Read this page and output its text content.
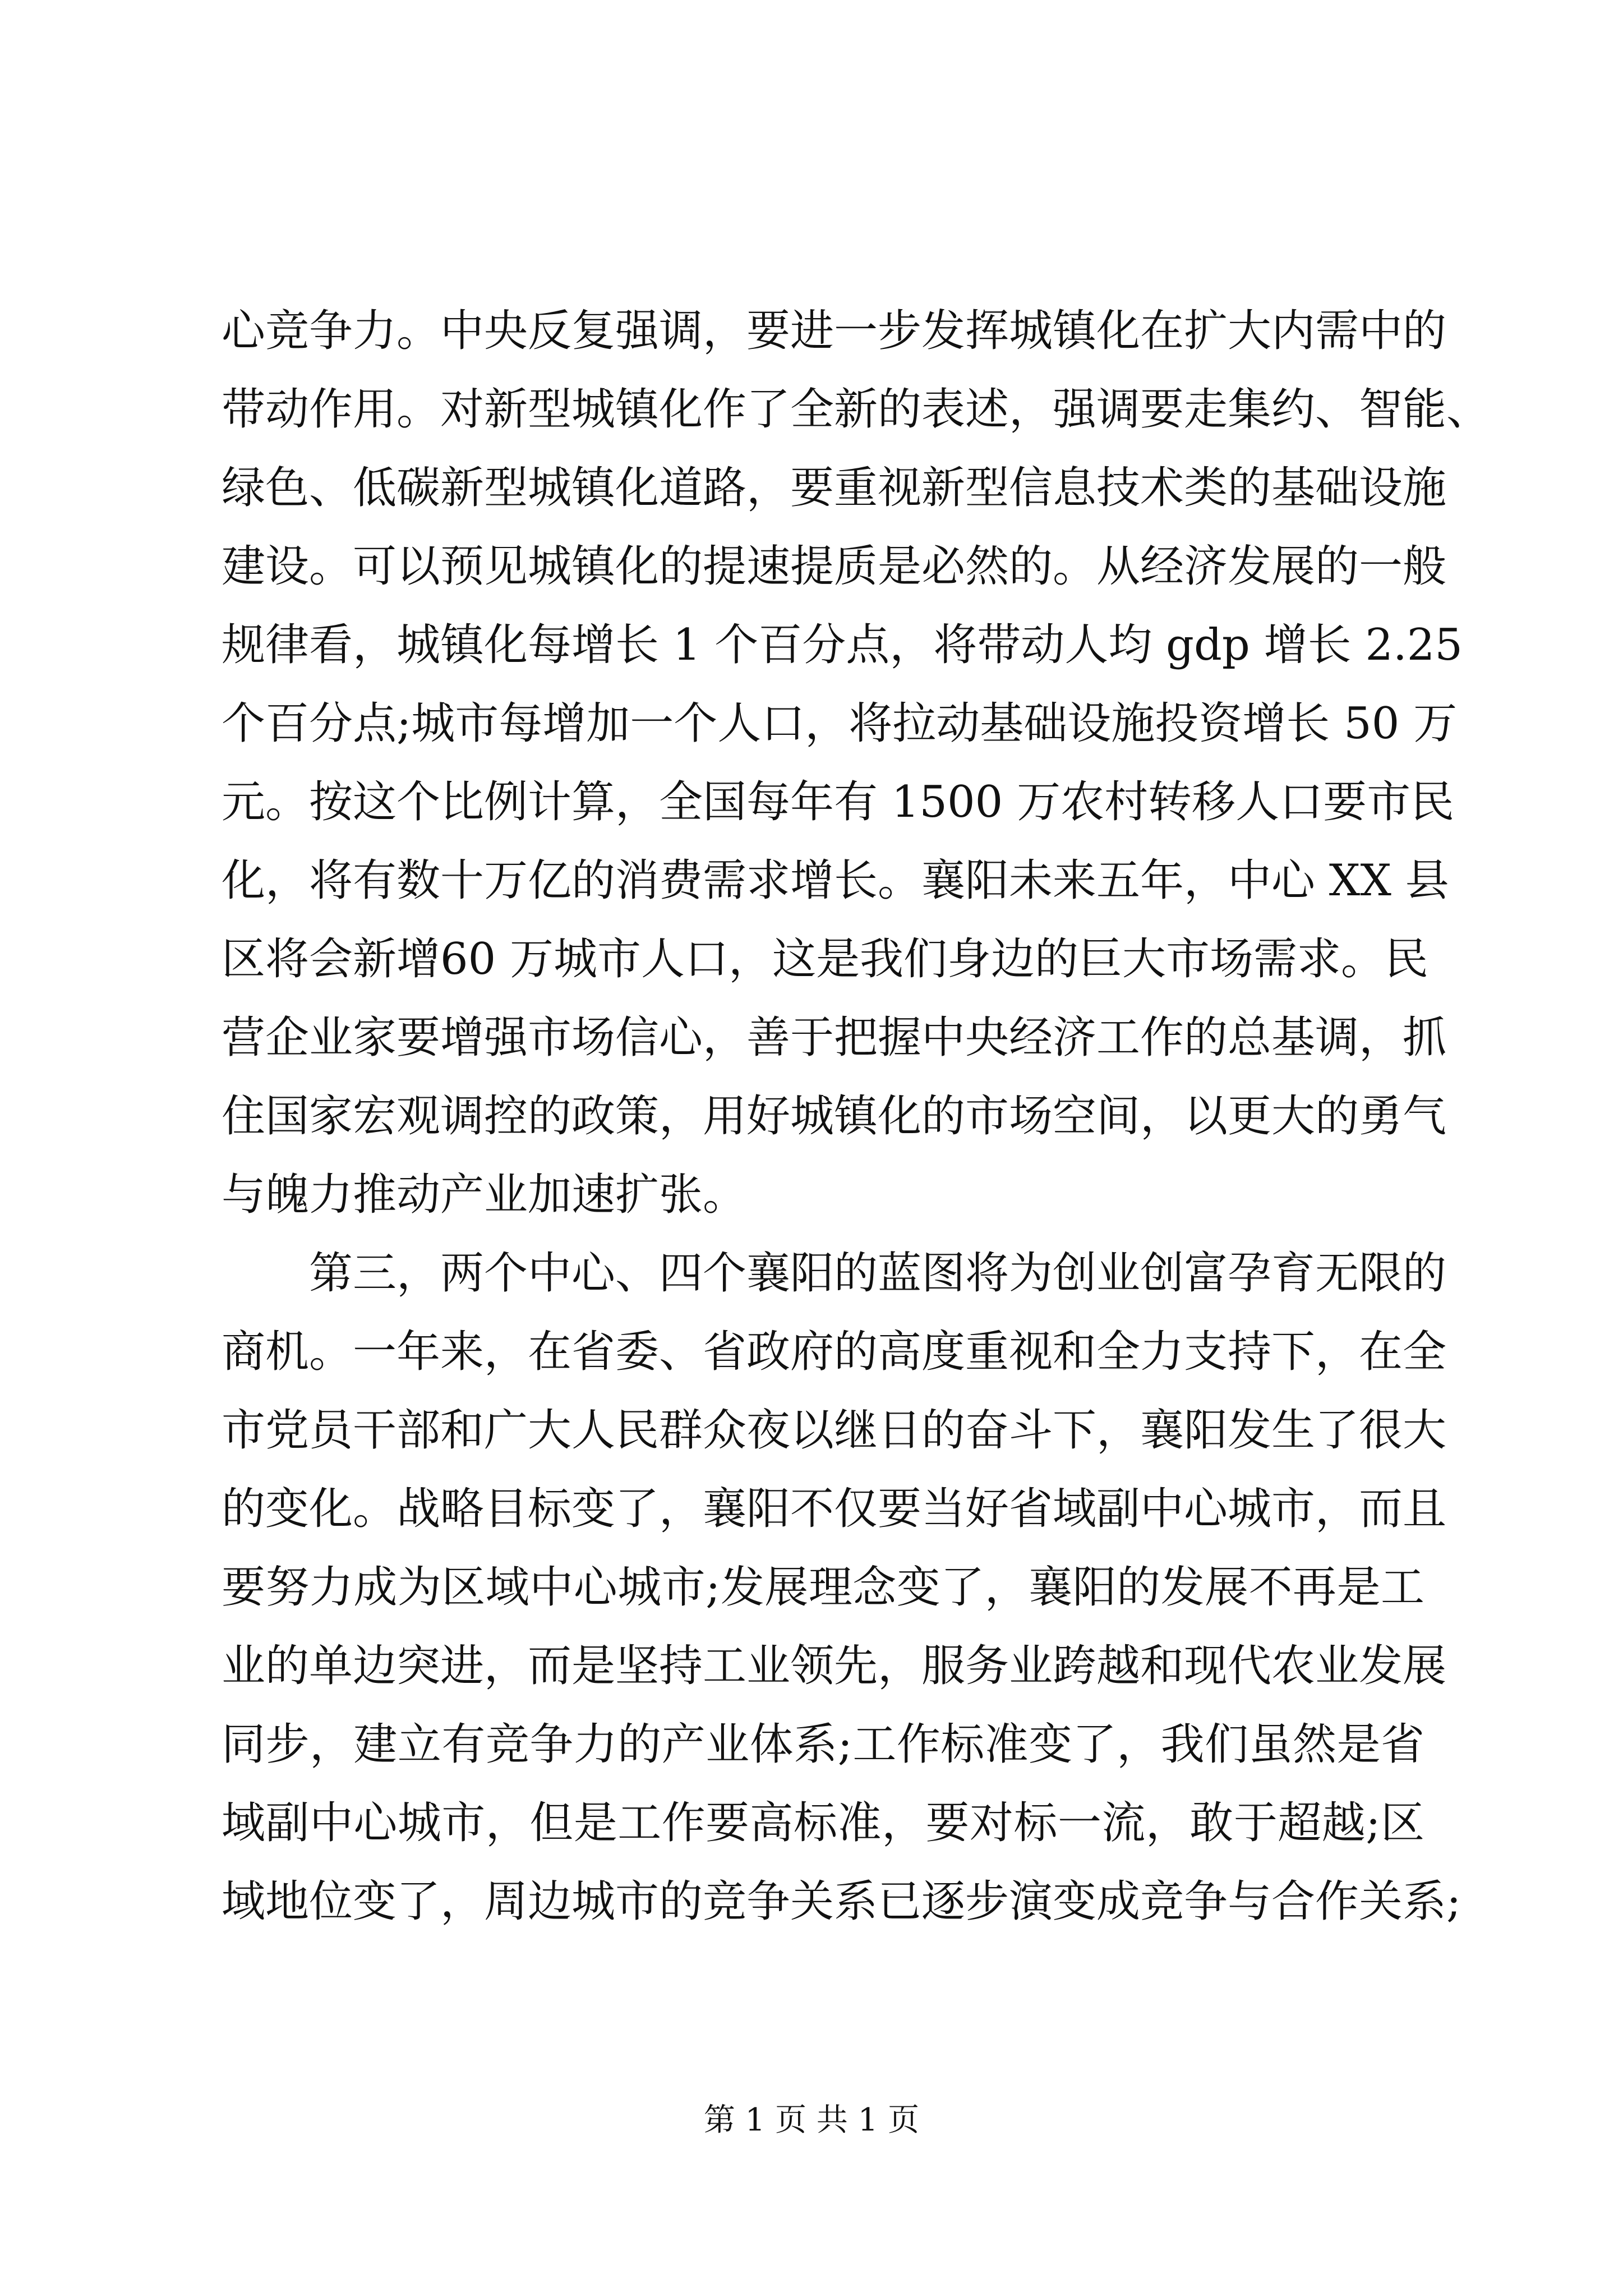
心竞争力。中央反复强调，要进一步发挥城镇化在扩大内需中的
带动作用。对新型城镇化作了全新的表述，强调要走集约、智能、
绿色、低碳新型城镇化道路，要重视新型信息技术类的基础设施
建设。可以预见城镇化的提速提质是必然的。从经济发展的一般
规律看，城镇化每增长 1 个百分点，将带动人均 gdp 增长 2.25
个百分点;城市每增加一个人口，将拉动基础设施投资增长 50 万
元。按这个比例计算，全国每年有 1500 万农村转移人口要市民
化，将有数十万亿的消费需求增长。襄阳未来五年，中心 XX 县
区将会新增60 万城市人口，这是我们身边的巨大市场需求。民
营企业家要增强市场信心，善于把握中央经济工作的总基调，抓
住国家宏观调控的政策，用好城镇化的市场空间，以更大的勇气
与魄力推动产业加速扩张。
第三，两个中心、四个襄阳的蓝图将为创业创富孕育无限的
商机。一年来，在省委、省政府的高度重视和全力支持下，在全
市党员干部和广大人民群众夜以继日的奋斗下，襄阳发生了很大
的变化。战略目标变了，襄阳不仅要当好省域副中心城市，而且
要努力成为区域中心城市;发展理念变了，襄阳的发展不再是工
业的单边突进，而是坚持工业领先，服务业跨越和现代农业发展
同步，建立有竞争力的产业体系;工作标准变了，我们虽然是省
域副中心城市，但是工作要高标准，要对标一流，敢于超越;区
域地位变了，周边城市的竞争关系已逐步演变成竞争与合作关系;
第 1 页 共 1 页
